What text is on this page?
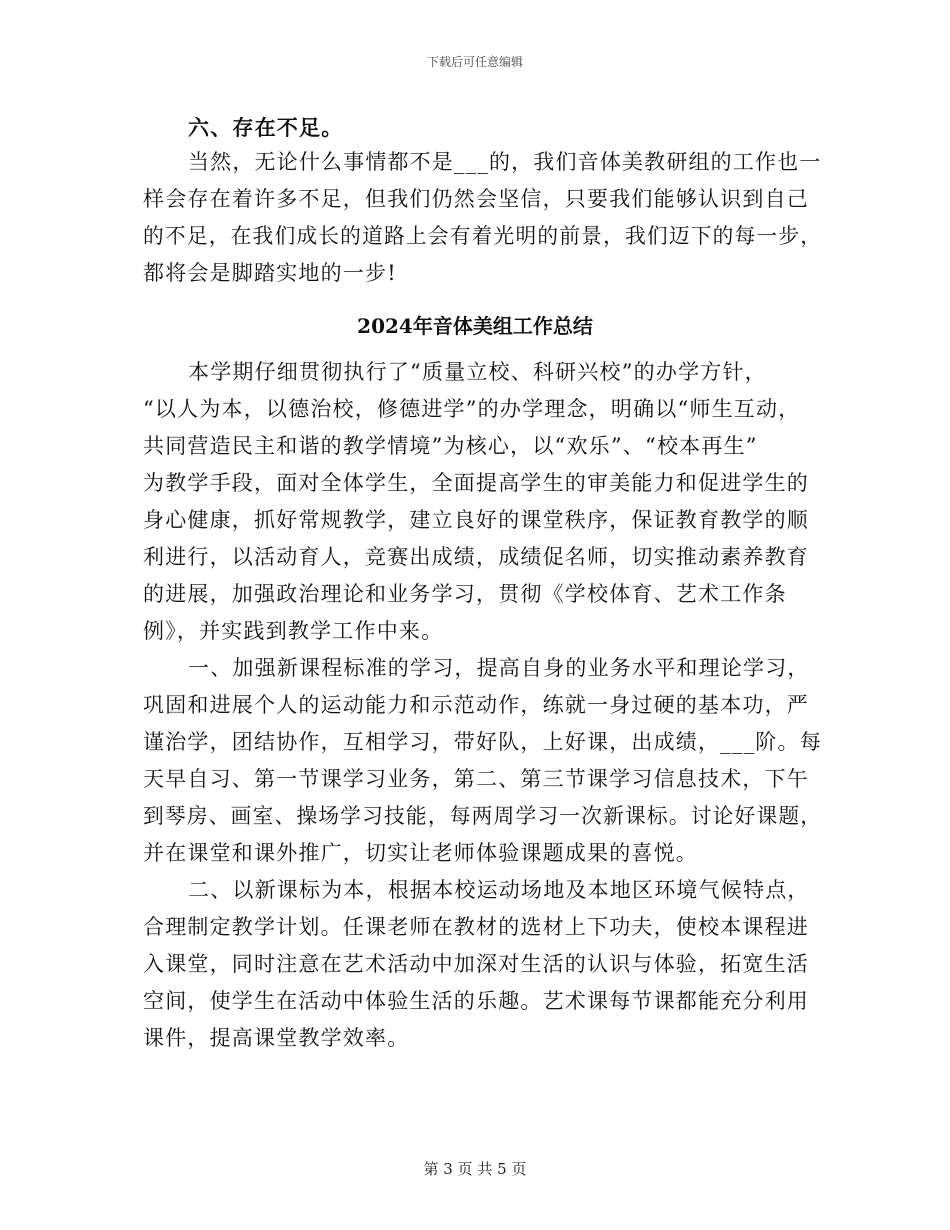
下载后可任意编辑
六、存在不足。
当然，无论什么事情都不是___的，我们音体美教研组的工作也一
样会存在着许多不足，但我们仍然会坚信，只要我们能够认识到自己
的不足，在我们成长的道路上会有着光明的前景，我们迈下的每一步，
都将会是脚踏实地的一步!
2024年音体美组工作总结
本学期仔细贯彻执行了“质量立校、科研兴校”的办学方针，
“以人为本，以德治校，修德进学”的办学理念，明确以“师生互动，
共同营造民主和谐的教学情境”为核心，以“欢乐”、“校本再生”
为教学手段，面对全体学生，全面提高学生的审美能力和促进学生的
身心健康，抓好常规教学，建立良好的课堂秩序，保证教育教学的顺
利进行，以活动育人，竞赛出成绩，成绩促名师，切实推动素养教育
的进展，加强政治理论和业务学习，贯彻《学校体育、艺术工作条
例》，并实践到教学工作中来。
一、加强新课程标准的学习，提高自身的业务水平和理论学习，
巩固和进展个人的运动能力和示范动作，练就一身过硬的基本功，严
谨治学，团结协作，互相学习，带好队，上好课，出成绩，___阶。每
天早自习、第一节课学习业务，第二、第三节课学习信息技术，下午
到琴房、画室、操场学习技能，每两周学习一次新课标。讨论好课题，
并在课堂和课外推广，切实让老师体验课题成果的喜悦。
二、以新课标为本，根据本校运动场地及本地区环境气候特点，
合理制定教学计划。任课老师在教材的选材上下功夫，使校本课程进
入课堂，同时注意在艺术活动中加深对生活的认识与体验，拓宽生活
空间，使学生在活动中体验生活的乐趣。艺术课每节课都能充分利用
课件，提高课堂教学效率。
第 3 页 共 5 页
